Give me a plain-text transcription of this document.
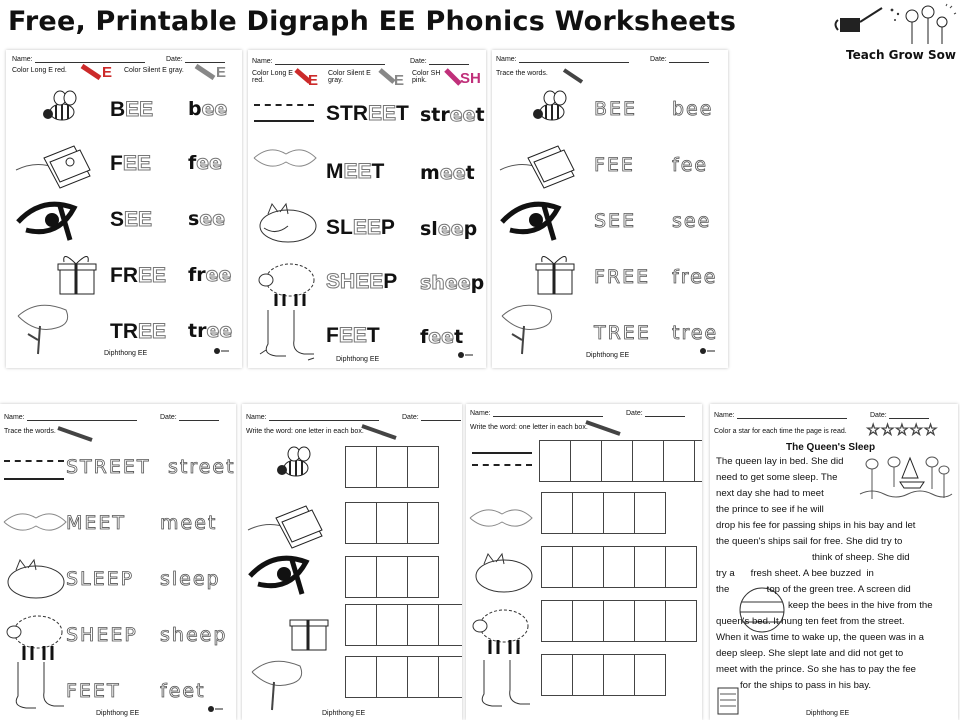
Free, Printable Digraph EE Phonics Worksheets
Teach Grow Sow
Name:	Date:
Color Long E red.	Color Silent E gray.
E	E
BEE bee
FEE fee
SEE see
FREE free
TREE tree
Diphthong EE
Name:	Date:
Color Long E red.	E Color Silent E gray.	E Color SH pink.	SH
STREET street
MEET meet
SLEEP sleep
SHEEP sheep
FEET feet
Diphthong EE
Name:	Date:
Trace the words.
BEE bee
FEE fee
SEE see
FREE free
TREE tree
Diphthong EE
Name:	Date:
Trace the words.
STREET street
MEET meet
SLEEP sleep
SHEEP sheep
FEET feet
Diphthong EE
Name:	Date:
Write the word: one letter in each box.
Diphthong EE
Name:	Date:
Write the word: one letter in each box.
Name:	Date:
Color a star for each time the page is read. ☆☆☆☆☆
The Queen's Sleep
The queen lay in bed. She did
need to get some sleep. The
next day she had to meet
the prince to see if he will
drop his fee for passing ships in his bay and let
the queen's ships sail for free. She did try to
think of sheep. She did
try a      fresh sheet. A bee buzzed  in
the              top of the green tree. A screen did
keep the bees in the hive from the
queen's bed. It hung ten feet from the street.
When it was time to wake up, the queen was in a
deep sleep. She slept late and did not get to
meet with the prince. So she has to pay the fee
for the ships to pass in his bay.
Diphthong EE
